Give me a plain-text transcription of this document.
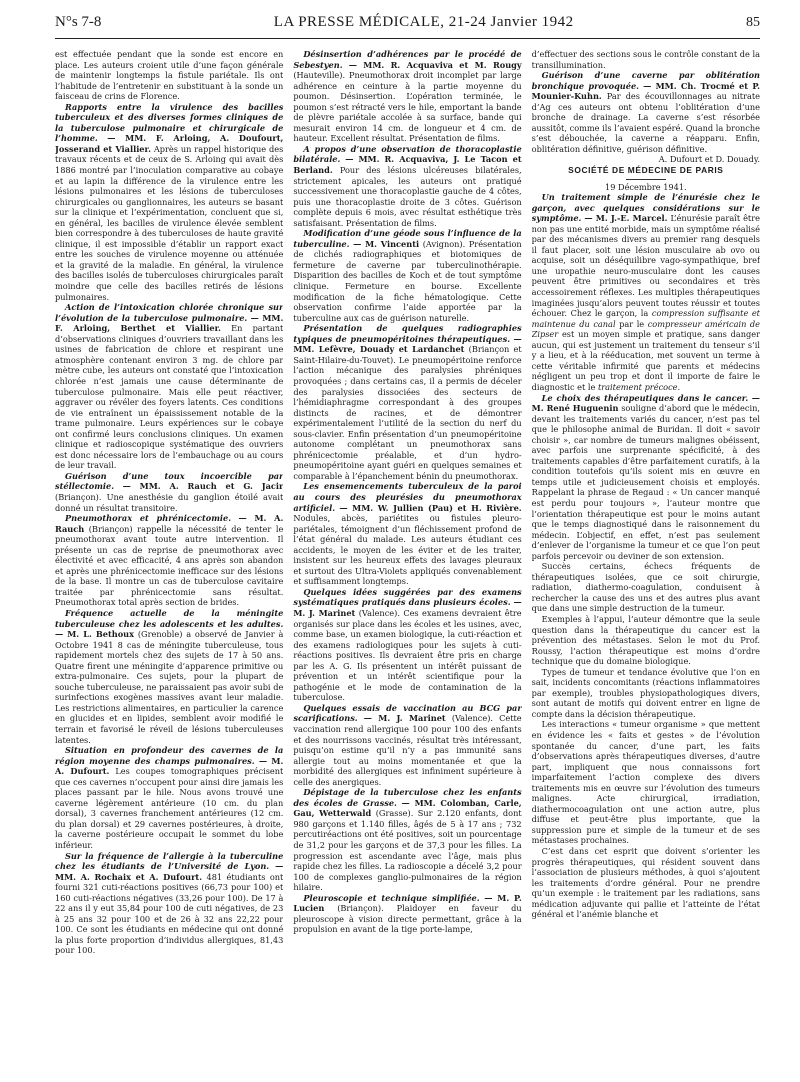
N°s 7-8	LA PRESSE MÉDICALE, 21-24 Janvier 1942	85

est effectuée pendant que la sonde est encore en place. Les auteurs croient utile d’une façon générale de maintenir longtemps la fistule pariétale. Ils ont l’habitude de l’entretenir en substituant à la sonde un faisceau de crins de Florence.

Rapports entre la virulence des bacilles tuberculeux et des diverses formes cliniques de la tuberculose pulmonaire et chirurgicale de l’homme. — MM. F. Arloing, A. Doufourt, Josserand et Viallier. Après un rappel historique des travaux récents et de ceux de S. Arloing qui avait dès 1886 montré par l’inoculation comparative au cobaye et au lapin la différence de la virulence entre les lésions pulmonaires et les lésions de tuberculoses chirurgicales ou ganglionnaires, les auteurs se basant sur la clinique et l’expérimentation, concluent que si, en général, les bacilles de virulence élevée semblent bien correspondre à des tuberculoses de haute gravité clinique, il est impossible d’établir un rapport exact entre les souches de virulence moyenne ou atténuée et la gravité de la maladie. En général, la virulence des bacilles isolés de tuberculoses chirurgicales paraît moindre que celle des bacilles retirés de lésions pulmonaires.

Action de l’intoxication chlorée chronique sur l’évolution de la tuberculose pulmonaire. — MM. F. Arloing, Berthet et Viallier. En partant d’observations cliniques d’ouvriers travaillant dans les usines de fabrication de chlore et respirant une atmosphère contenant environ 3 mg. de chlore par mètre cube, les auteurs ont constaté que l’intoxication chlorée n’est jamais une cause déterminante de tuberculose pulmonaire. Mais elle peut réactiver, aggraver ou révéler des foyers latents. Ces conditions de vie entraînent un épaississement notable de la trame pulmonaire. Leurs expériences sur le cobaye ont confirmé leurs conclusions cliniques. Un examen clinique et radioscopique systématique des ouvriers est donc nécessaire lors de l’embauchage ou au cours de leur travail.

Guérison d’une toux incoercible par stéllectomie. — MM. A. Rauch et G. Jacir (Briançon). Une anesthésie du ganglion étoilé avait donné un résultat transitoire.

Pneumothorax et phrénicectomie. — M. A. Rauch (Briançon) rappelle la nécessité de tenter le pneumothorax avant toute autre intervention. Il présente un cas de reprise de pneumothorax avec électivité et avec efficacité, 4 ans après son abandon et après une phrénicectomie inefficace sur des lésions de la base. Il montre un cas de tuberculose cavitaire traitée par phrénicectomie sans résultat. Pneumothorax total après section de brides.

Fréquence actuelle de la méningite tuberculeuse chez les adolescents et les adultes. — M. L. Bethoux (Grenoble) a observé de Janvier à Octobre 1941 8 cas de méningite tuberculeuse, tous rapidement mortels chez des sujets de 17 à 50 ans. Quatre firent une méningite d’apparence primitive ou extra-pulmonaire. Ces sujets, pour la plupart de souche tuberculeuse, ne paraissaient pas avoir subi de surinfections exogènes massives avant leur maladie. Les restrictions alimentaires, en particulier la carence en glucides et en lipides, semblent avoir modifié le terrain et favorisé le réveil de lésions tuberculeuses latentes.

Situation en profondeur des cavernes de la région moyenne des champs pulmonaires. — M. A. Dufourt. Les coupes tomographiques précisent que ces cavernes n’occupent pour ainsi dire jamais les places passant par le hile. Nous avons trouvé une caverne légèrement antérieure (10 cm. du plan dorsal), 3 cavernes franchement antérieures (12 cm. du plan dorsal) et 29 cavernes postérieures, à droite, la caverne postérieure occupait le sommet du lobe inférieur.

Sur la fréquence de l’allergie à la tuberculine chez les étudiants de l’Université de Lyon. — MM. A. Rochaix et A. Dufourt. 481 étudiants ont fourni 321 cuti-réactions positives (66,73 pour 100) et 160 cuti-réactions négatives (33,26 pour 100). De 17 à 22 ans il y eut 35,84 pour 100 de cuti négatives, de 23 à 25 ans 32 pour 100 et de 26 à 32 ans 22,22 pour 100. Ce sont les étudiants en médecine qui ont donné la plus forte proportion d’individus allergiques, 81,43 pour 100.

Désinsertion d’adhérences par le procédé de Sebestyen. — MM. R. Acquaviva et M. Rougy (Hauteville). Pneumothorax droit incomplet par large adhérence en ceinture à la partie moyenne du poumon. Désinsertion. L’opération terminée, le poumon s’est rétracté vers le hile, emportant la bande de plèvre pariétale accolée à sa surface, bande qui mesurait environ 14 cm. de longueur et 4 cm. de hauteur. Excellent résultat. Présentation de films.

A propos d’une observation de thoracoplastie bilatérale. — MM. R. Acquaviva, J. Le Tacon et Berland. Pour des lésions ulcéreuses bilatérales, strictement apicales, les auteurs ont pratiqué successivement une thoracoplastie gauche de 4 côtes, puis une thoracoplastie droite de 3 côtes. Guérison complète depuis 6 mois, avec résultat esthétique très satisfaisant. Présentation de films.

Modification d’une géode sous l’influence de la tuberculine. — M. Vincenti (Avignon). Présentation de clichés radiographiques et biotomiques de fermeture de caverne par tuberculinothérapie. Disparition des bacilles de Koch et de tout symptôme clinique. Fermeture en bourse. Excellente modification de la fiche hématologique. Cette observation confirme l’aide apportée par la tuberculine aux cas de guérison naturelle.

Présentation de quelques radiographies typiques de pneumopéritoines thérapeutiques. — MM. Lefèvre, Douady et Lardanchet (Briançon et Saint-Hilaire-du-Touvet). Le pneumopéritoine renforce l’action mécanique des paralysies phréniques provoquées ; dans certains cas, il a permis de déceler des paralysies dissociées des secteurs de l’hémidiaphragme correspondant à des groupes distincts de racines, et de démontrer expérimentalement l’utilité de la section du nerf du sous-clavier. Enfin présentation d’un pneumopéritoine autonome complétant un pneumothorax sans phrénicectomie préalable, et d’un hydro-pneumopéritoine ayant guéri en quelques semaines et comparable à l’épanchement bénin du pneumothorax.

Les ensemencements tuberculeux de la paroi au cours des pleurésies du pneumothorax artificiel. — MM. W. Jullien (Pau) et H. Rivière. Nodules, abcès, pariétites ou fistules pleuro-pariétales, témoignent d’un fléchissement profond de l’état général du malade. Les auteurs étudiant ces accidents, le moyen de les éviter et de les traiter, insistent sur les heureux effets des lavages pleuraux et surtout des Ultra-Violets appliqués convenablement et suffisamment longtemps.

Quelques idées suggérées par des examens systématiques pratiqués dans plusieurs écoles. — M. J. Marinet (Valence). Ces examens devraient être organisés sur place dans les écoles et les usines, avec, comme base, un examen biologique, la cuti-réaction et des examens radiologiques pour les sujets à cuti-réactions positives. Ils devraient être pris en charge par les A. G. Ils présentent un intérêt puissant de prévention et un intérêt scientifique pour la pathogénie et le mode de contamination de la tuberculose.

Quelques essais de vaccination au BCG par scarifications. — M. J. Marinet (Valence). Cette vaccination rend allergique 100 pour 100 des enfants et des nourrissons vaccinés, résultat très intéressant, puisqu’on estime qu’il n’y a pas immunité sans allergie tout au moins momentanée et que la morbidité des allergiques est infiniment supérieure à celle des anergiques.

Dépistage de la tuberculose chez les enfants des écoles de Grasse. — MM. Colomban, Carle, Gau, Wetterwald (Grasse). Sur 2.120 enfants, dont 980 garçons et 1.140 filles, âgés de 5 à 17 ans ; 732 percutiréactions ont été positives, soit un pourcentage de 31,2 pour les garçons et de 37,3 pour les filles. La progression est ascendante avec l’âge, mais plus rapide chez les filles. La radioscopie a décelé 3,2 pour 100 de complexes ganglio-pulmonaires de la région hilaire.

Pleuroscopie et technique simplifiée. — M. P. Lucien (Briançon). Plaidoyer en faveur du pleuroscope à vision directe permettant, grâce à la propulsion en avant de la tige porte-lampe,

d’effectuer des sections sous le contrôle constant de la transillumination.

Guérison d’une caverne par oblitération bronchique provoquée. — MM. Ch. Trocmé et P. Mounier-Kuhn. Par des écouvillonnages au nitrate d’Ag ces auteurs ont obtenu l’oblitération d’une bronche de drainage. La caverne s’est résorbée aussitôt, comme ils l’avaient espéré. Quand la bronche s’est débouchée, la caverne a réapparu. Enfin, oblitération définitive, guérison définitive.

A. Dufourt et D. Douady.

SOCIÉTÉ DE MÉDECINE DE PARIS

19 Décembre 1941.

Un traitement simple de l’énurésie chez le garçon, avec quelques considérations sur le symptôme. — M. J.-E. Marcel. L’énurésie paraît être non pas une entité morbide, mais un symptôme réalisé par des mécanismes divers au premier rang desquels il faut placer, soit une lésion musculaire ab ovo ou acquise, soit un déséquilibre vago-sympathique, bref une uropathie neuro-musculaire dont les causes peuvent être primitives ou secondaires et très accessoirement réflexes. Les multiples thérapeutiques imaginées jusqu’alors peuvent toutes réussir et toutes échouer. Chez le garçon, la compression suffisante et maintenue du canal par le compresseur américain de Zipser est un moyen simple et pratique, sans danger aucun, qui est justement un traitement du tenseur s’il y a lieu, et à la rééducation, met souvent un terme à cette véritable infirmité que parents et médecins négligent un peu trop et dont il importe de faire le diagnostic et le traitement précoce.

Le choix des thérapeutiques dans le cancer. — M. René Huguenin souligne d’abord que le médecin, devant les traitements variés du cancer, n’est pas tel que le philosophe animal de Buridan. Il doit « savoir choisir », car nombre de tumeurs malignes obéissent, avec parfois une surprenante spécificité, à des traitements capables d’être parfaitement curatifs, à la condition toutefois qu’ils soient mis en œuvre en temps utile et judicieusement choisis et employés. Rappelant la phrase de Regaud : « Un cancer manqué est perdu pour toujours », l’auteur montre que l’orientation thérapeutique est pour le moins autant que le temps diagnostiqué dans le raisonnement du médecin. L’objectif, en effet, n’est pas seulement d’enlever de l’organisme la tumeur et ce que l’on peut parfois percevoir ou deviner de son extension.

Succès certains, échecs fréquents de thérapeutiques isolées, que ce soit chirurgie, radiation, diathermo-coagulation, conduisent à rechercher la cause des uns et des autres plus avant que dans une simple destruction de la tumeur.

Exemples à l’appui, l’auteur démontre que la seule question dans la thérapeutique du cancer est la prévention des métastases. Selon le mot du Prof. Roussy, l’action thérapeutique est moins d’ordre technique que du domaine biologique.

Types de tumeur et tendance évolutive que l’on en sait, incidents concomitants (réactions inflammatoires par exemple), troubles physiopathologiques divers, sont autant de motifs qui doivent entrer en ligne de compte dans la décision thérapeutique.

Les interactions « tumeur organisme » que mettent en évidence les « faits et gestes » de l’évolution spontanée du cancer, d’une part, les faits d’observations après thérapeutiques diverses, d’autre part, impliquent que nous connaissons fort imparfaitement l’action complexe des divers traitements mis en œuvre sur l’évolution des tumeurs malignes. Acte chirurgical, irradiation, diathermocoagulation ont une action autre, plus diffuse et peut-être plus importante, que la suppression pure et simple de la tumeur et de ses métastases prochaines.

C’est dans cet esprit que doivent s’orienter les progrès thérapeutiques, qui résident souvent dans l’association de plusieurs méthodes, à quoi s’ajoutent les traitements d’ordre général. Pour ne prendre qu’un exemple : le traitement par les radiations, sans médication adjuvante qui pallie et l’atteinte de l’état général et l’anémie blanche et
